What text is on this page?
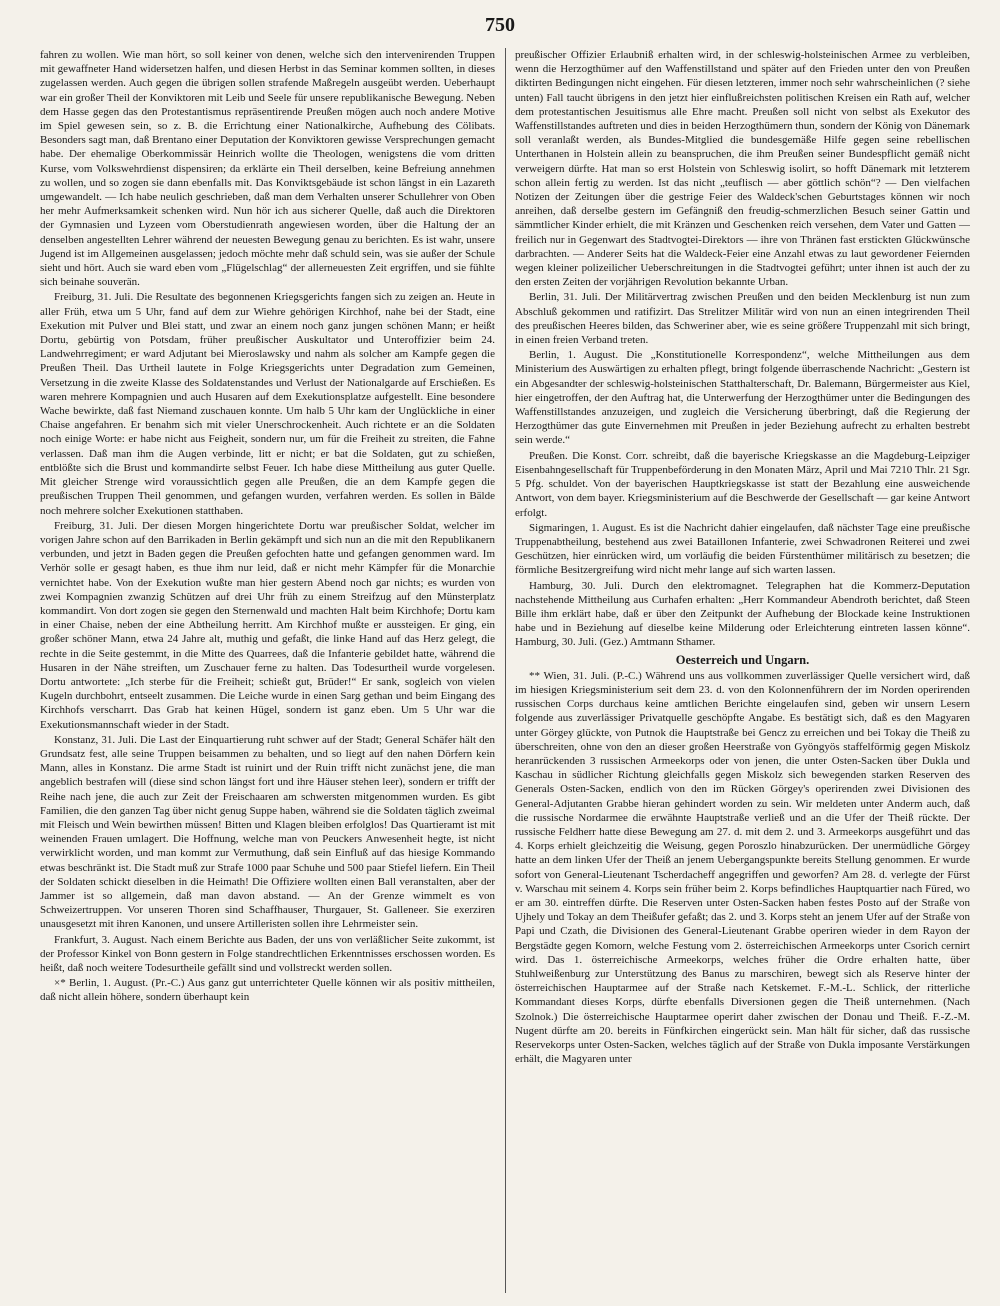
750

fahren zu wollen. Wie man hört, so soll keiner von denen, welche sich den intervenirenden Truppen mit gewaffneter Hand widersetzen halfen, und diesen Herbst in das Seminar kommen sollten, in dieses zugelassen werden. Auch gegen die übrigen sollen strafende Maßregeln ausgeübt werden. Ueberhaupt war ein großer Theil der Konviktoren mit Leib und Seele für unsere republikanische Bewegung. Neben dem Hasse gegen das den Protestantismus repräsentirende Preußen mögen auch noch andere Motive im Spiel gewesen sein, so z. B. die Errichtung einer Nationalkirche, Aufhebung des Cölibats. Besonders sagt man, daß Brentano einer Deputation der Konviktoren gewisse Versprechungen gemacht habe. Der ehemalige Oberkommissär Heinrich wollte die Theologen, wenigstens die vom dritten Kurse, vom Volkswehrdienst dispensiren; da erklärte ein Theil derselben, keine Befreiung annehmen zu wollen, und so zogen sie dann ebenfalls mit. Das Konviktsgebäude ist schon längst in ein Lazareth umgewandelt. — Ich habe neulich geschrieben, daß man dem Verhalten unserer Schullehrer von Oben her mehr Aufmerksamkeit schenken wird. Nun hör ich aus sicherer Quelle, daß auch die Direktoren der Gymnasien und Lyzeen vom Oberstudienrath angewiesen worden, über die Haltung der an denselben angestellten Lehrer während der neuesten Bewegung genau zu berichten. Es ist wahr, unsere Jugend ist im Allgemeinen ausgelassen; jedoch möchte mehr daß schuld sein, was sie außer der Schule sieht und hört. Auch sie ward eben vom „Flügelschlag“ der allerneuesten Zeit ergriffen, und sie fühlte sich beinahe souverän.

Freiburg, 31. Juli. Die Resultate des begonnenen Kriegsgerichts fangen sich zu zeigen an. Heute in aller Früh, etwa um 5 Uhr, fand auf dem zur Wiehre gehörigen Kirchhof, nahe bei der Stadt, eine Exekution mit Pulver und Blei statt, und zwar an einem noch ganz jungen schönen Mann; er heißt Dortu, gebürtig von Potsdam, früher preußischer Auskultator und Unteroffizier beim 24. Landwehrregiment; er ward Adjutant bei Mieroslawsky und nahm als solcher am Kampfe gegen die Preußen Theil. Das Urtheil lautete in Folge Kriegsgerichts unter Degradation zum Gemeinen, Versetzung in die zweite Klasse des Soldatenstandes und Verlust der Nationalgarde auf Erschießen. Es waren mehrere Kompagnien und auch Husaren auf dem Exekutionsplatze aufgestellt. Eine besondere Wache bewirkte, daß fast Niemand zuschauen konnte. Um halb 5 Uhr kam der Unglückliche in einer Chaise angefahren. Er benahm sich mit vieler Unerschrockenheit. Auch richtete er an die Soldaten noch einige Worte: er habe nicht aus Feigheit, sondern nur, um für die Freiheit zu streiten, die Fahne verlassen. Daß man ihm die Augen verbinde, litt er nicht; er bat die Soldaten, gut zu schießen, entblößte sich die Brust und kommandirte selbst Feuer. Ich habe diese Mittheilung aus guter Quelle. Mit gleicher Strenge wird voraussichtlich gegen alle Preußen, die an dem Kampfe gegen die preußischen Truppen Theil genommen, und gefangen wurden, verfahren werden. Es sollen in Bälde noch mehrere solcher Exekutionen statthaben.

Freiburg, 31. Juli. Der diesen Morgen hingerichtete Dortu war preußischer Soldat, welcher im vorigen Jahre schon auf den Barrikaden in Berlin gekämpft und sich nun an die mit den Republikanern verbunden, und jetzt in Baden gegen die Preußen gefochten hatte und gefangen genommen ward. Im Verhör solle er gesagt haben, es thue ihm nur leid, daß er nicht mehr Kämpfer für die Monarchie vernichtet habe. Von der Exekution wußte man hier gestern Abend noch gar nichts; es wurden von zwei Kompagnien zwanzig Schützen auf drei Uhr früh zu einem Streifzug auf den Münsterplatz kommandirt. Von dort zogen sie gegen den Sternenwald und machten Halt beim Kirchhofe; Dortu kam in einer Chaise, neben der eine Abtheilung herritt. Am Kirchhof mußte er aussteigen. Er ging, ein großer schöner Mann, etwa 24 Jahre alt, muthig und gefaßt, die linke Hand auf das Herz gelegt, die rechte in die Seite gestemmt, in die Mitte des Quarrees, daß die Infanterie gebildet hatte, während die Husaren in der Nähe streiften, um Zuschauer ferne zu halten. Das Todesurtheil wurde vorgelesen. Dortu antwortete: „Ich sterbe für die Freiheit; schießt gut, Brüder!“ Er sank, sogleich von vielen Kugeln durchbohrt, entseelt zusammen. Die Leiche wurde in einen Sarg gethan und beim Eingang des Kirchhofs verscharrt. Das Grab hat keinen Hügel, sondern ist ganz eben. Um 5 Uhr war die Exekutionsmannschaft wieder in der Stadt.

Konstanz, 31. Juli. Die Last der Einquartierung ruht schwer auf der Stadt; General Schäfer hält den Grundsatz fest, alle seine Truppen beisammen zu behalten, und so liegt auf den nahen Dörfern kein Mann, alles in Konstanz. Die arme Stadt ist ruinirt und der Ruin trifft nicht zunächst jene, die man angeblich bestrafen will (diese sind schon längst fort und ihre Häuser stehen leer), sondern er trifft der Reihe nach jene, die auch zur Zeit der Freischaaren am schwersten mitgenommen wurden. Es gibt Familien, die den ganzen Tag über nicht genug Suppe haben, während sie die Soldaten täglich zweimal mit Fleisch und Wein bewirthen müssen! Bitten und Klagen bleiben erfolglos! Das Quartieramt ist mit weinenden Frauen umlagert. Die Hoffnung, welche man von Peuckers Anwesenheit hegte, ist nicht verwirklicht worden, und man kommt zur Vermuthung, daß sein Einfluß auf das hiesige Kommando etwas beschränkt ist. Die Stadt muß zur Strafe 1000 paar Schuhe und 500 paar Stiefel liefern. Ein Theil der Soldaten schickt dieselben in die Heimath! Die Offiziere wollten einen Ball veranstalten, aber der Jammer ist so allgemein, daß man davon abstand. — An der Grenze wimmelt es von Schweizertruppen. Vor unseren Thoren sind Schaffhauser, Thurgauer, St. Galleneer. Sie exerziren unausgesetzt mit ihren Kanonen, und unsere Artilleristen sollen ihre Lehrmeister sein.

Frankfurt, 3. August. Nach einem Berichte aus Baden, der uns von verläßlicher Seite zukommt, ist der Professor Kinkel von Bonn gestern in Folge standrechtlichen Erkenntnisses erschossen worden. Es heißt, daß noch weitere Todesurtheile gefällt sind und vollstreckt werden sollen.

×* Berlin, 1. August. (Pr.-C.) Aus ganz gut unterrichteter Quelle können wir als positiv mittheilen, daß nicht allein höhere, sondern überhaupt kein

preußischer Offizier Erlaubniß erhalten wird, in der schleswig-holsteinischen Armee zu verbleiben, wenn die Herzogthümer auf den Waffenstillstand und später auf den Frieden unter den von Preußen diktirten Bedingungen nicht eingehen. Für diesen letzteren, immer noch sehr wahrscheinlichen (? siehe unten) Fall taucht übrigens in den jetzt hier einflußreichsten politischen Kreisen ein Rath auf, welcher dem protestantischen Jesuitismus alle Ehre macht. Preußen soll nicht von selbst als Exekutor des Waffenstillstandes auftreten und dies in beiden Herzogthümern thun, sondern der König von Dänemark soll veranlaßt werden, als Bundes-Mitglied die bundesgemäße Hilfe gegen seine rebellischen Unterthanen in Holstein allein zu beanspruchen, die ihm Preußen seiner Bundespflicht gemäß nicht verweigern dürfte. Hat man so erst Holstein von Schleswig isolirt, so hofft Dänemark mit letzterem schon allein fertig zu werden. Ist das nicht „teuflisch — aber göttlich schön“? — Den vielfachen Notizen der Zeitungen über die gestrige Feier des Waldeck'schen Geburtstages können wir noch anreihen, daß derselbe gestern im Gefängniß den freudig-schmerzlichen Besuch seiner Gattin und sämmtlicher Kinder erhielt, die mit Kränzen und Geschenken reich versehen, dem Vater und Gatten — freilich nur in Gegenwart des Stadtvogtei-Direktors — ihre von Thränen fast erstickten Glückwünsche darbrachten. — Anderer Seits hat die Waldeck-Feier eine Anzahl etwas zu laut gewordener Feiernden wegen kleiner polizeilicher Ueberschreitungen in die Stadtvogtei geführt; unter ihnen ist auch der zu den ersten Zeiten der vorjährigen Revolution bekannte Urban.

Berlin, 31. Juli. Der Militärvertrag zwischen Preußen und den beiden Mecklenburg ist nun zum Abschluß gekommen und ratifizirt. Das Strelitzer Militär wird von nun an einen integrirenden Theil des preußischen Heeres bilden, das Schweriner aber, wie es seine größere Truppenzahl mit sich bringt, in einen freien Verband treten.

Berlin, 1. August. Die „Konstitutionelle Korrespondenz“, welche Mittheilungen aus dem Ministerium des Auswärtigen zu erhalten pflegt, bringt folgende überraschende Nachricht: „Gestern ist ein Abgesandter der schleswig-holsteinischen Statthalterschaft, Dr. Balemann, Bürgermeister aus Kiel, hier eingetroffen, der den Auftrag hat, die Unterwerfung der Herzogthümer unter die Bedingungen des Waffenstillstandes anzuzeigen, und zugleich die Versicherung überbringt, daß die Regierung der Herzogthümer das gute Einvernehmen mit Preußen in jeder Beziehung aufrecht zu erhalten bestrebt sein werde.“

Preußen. Die Konst. Corr. schreibt, daß die bayerische Kriegskasse an die Magdeburg-Leipziger Eisenbahngesellschaft für Truppenbeförderung in den Monaten März, April und Mai 7210 Thlr. 21 Sgr. 5 Pfg. schuldet. Von der bayerischen Hauptkriegskasse ist statt der Bezahlung eine ausweichende Antwort, von dem bayer. Kriegsministerium auf die Beschwerde der Gesellschaft — gar keine Antwort erfolgt.

Sigmaringen, 1. August. Es ist die Nachricht dahier eingelaufen, daß nächster Tage eine preußische Truppenabtheilung, bestehend aus zwei Bataillonen Infanterie, zwei Schwadronen Reiterei und zwei Geschützen, hier einrücken wird, um vorläufig die beiden Fürstenthümer militärisch zu besetzen; die förmliche Besitzergreifung wird nicht mehr lange auf sich warten lassen.

Hamburg, 30. Juli. Durch den elektromagnet. Telegraphen hat die Kommerz-Deputation nachstehende Mittheilung aus Curhafen erhalten: „Herr Kommandeur Abendroth berichtet, daß Steen Bille ihm erklärt habe, daß er über den Zeitpunkt der Aufhebung der Blockade keine Instruktionen habe und in Beziehung auf dieselbe keine Milderung oder Erleichterung eintreten lassen könne“. Hamburg, 30. Juli. (Gez.) Amtmann Sthamer.

Oesterreich und Ungarn.

*‌* Wien, 31. Juli. (P.-C.) Während uns aus vollkommen zuverlässiger Quelle versichert wird, daß im hiesigen Kriegsministerium seit dem 23. d. von den Kolonnenführern der im Norden operirenden russischen Corps durchaus keine amtlichen Berichte eingelaufen sind, geben wir unsern Lesern folgende aus zuverlässiger Privatquelle geschöpfte Angabe. Es bestätigt sich, daß es den Magyaren unter Görgey glückte, von Putnok die Hauptstraße bei Gencz zu erreichen und bei Tokay die Theiß zu überschreiten, ohne von den an dieser großen Heerstraße von Gyöngyös staffelförmig gegen Miskolz heranrückenden 3 russischen Armeekorps oder von jenen, die unter Osten-Sacken über Dukla und Kaschau in südlicher Richtung gleichfalls gegen Miskolz sich bewegenden starken Reserven des Generals Osten-Sacken, endlich von den im Rücken Görgey's operirenden zwei Divisionen des General-Adjutanten Grabbe hieran gehindert worden zu sein. Wir meldeten unter Anderm auch, daß die russische Nordarmee die erwähnte Hauptstraße verließ und an die Ufer der Theiß rückte. Der russische Feldherr hatte diese Bewegung am 27. d. mit dem 2. und 3. Armeekorps ausgeführt und das 4. Korps erhielt gleichzeitig die Weisung, gegen Poroszlo hinabzurücken. Der unermüdliche Görgey hatte an dem linken Ufer der Theiß an jenem Uebergangspunkte bereits Stellung genommen. Er wurde sofort von General-Lieutenant Tscherdacheff angegriffen und geworfen? Am 28. d. verlegte der Fürst v. Warschau mit seinem 4. Korps sein früher beim 2. Korps befindliches Hauptquartier nach Füred, wo er am 30. eintreffen dürfte. Die Reserven unter Osten-Sacken haben festes Posto auf der Straße von Ujhely und Tokay an dem Theißufer gefaßt; das 2. und 3. Korps steht an jenem Ufer auf der Straße von Papi und Czath, die Divisionen des General-Lieutenant Grabbe operiren wieder in dem Rayon der Bergstädte gegen Komorn, welche Festung vom 2. österreichischen Armeekorps unter Csorich cernirt wird. Das 1. österreichische Armeekorps, welches früher die Ordre erhalten hatte, über Stuhlweißenburg zur Unterstützung des Banus zu marschiren, bewegt sich als Reserve hinter der österreichischen Hauptarmee auf der Straße nach Ketskemet. F.-M.-L. Schlick, der ritterliche Kommandant dieses Korps, dürfte ebenfalls Diversionen gegen die Theiß unternehmen. (Nach Szolnok.) Die österreichische Hauptarmee operirt daher zwischen der Donau und Theiß. F.-Z.-M. Nugent dürfte am 20. bereits in Fünfkirchen eingerückt sein. Man hält für sicher, daß das russische Reservekorps unter Osten-Sacken, welches täglich auf der Straße von Dukla imposante Verstärkungen erhält, die Magyaren unter
